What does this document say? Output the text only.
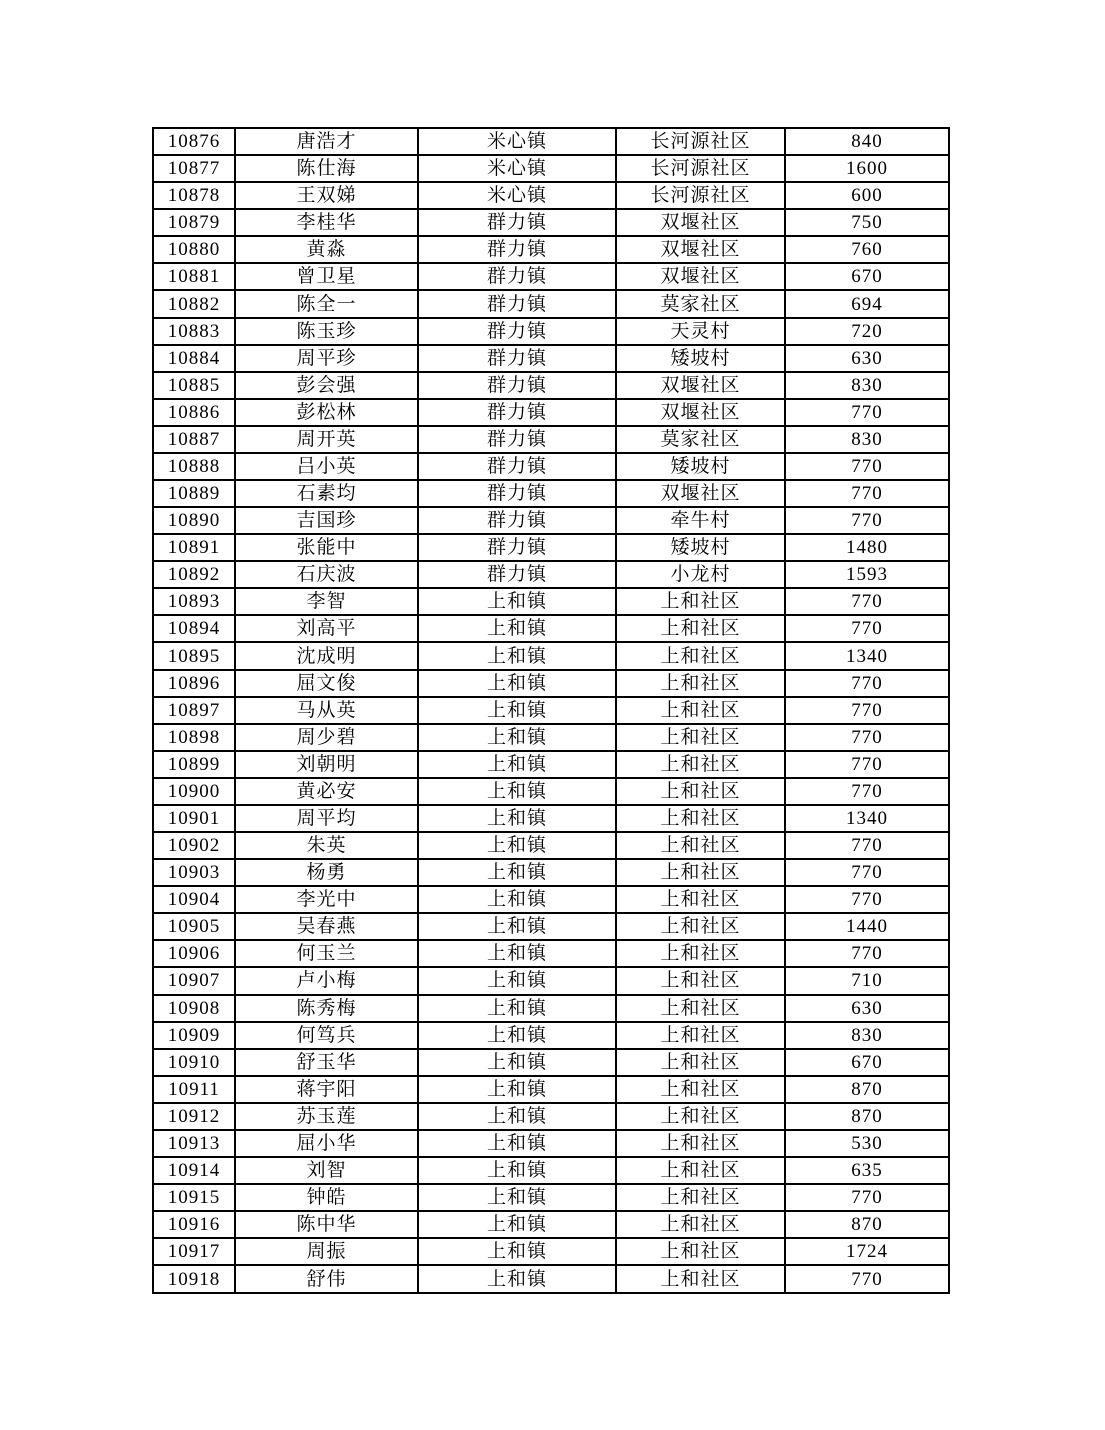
10876	唐浩才	米心镇	长河源社区	840
10877	陈仕海	米心镇	长河源社区	1600
10878	王双娣	米心镇	长河源社区	600
10879	李桂华	群力镇	双堰社区	750
10880	黄淼	群力镇	双堰社区	760
10881	曾卫星	群力镇	双堰社区	670
10882	陈全一	群力镇	莫家社区	694
10883	陈玉珍	群力镇	天灵村	720
10884	周平珍	群力镇	矮坡村	630
10885	彭会强	群力镇	双堰社区	830
10886	彭松林	群力镇	双堰社区	770
10887	周开英	群力镇	莫家社区	830
10888	吕小英	群力镇	矮坡村	770
10889	石素均	群力镇	双堰社区	770
10890	吉国珍	群力镇	牵牛村	770
10891	张能中	群力镇	矮坡村	1480
10892	石庆波	群力镇	小龙村	1593
10893	李智	上和镇	上和社区	770
10894	刘高平	上和镇	上和社区	770
10895	沈成明	上和镇	上和社区	1340
10896	屈文俊	上和镇	上和社区	770
10897	马从英	上和镇	上和社区	770
10898	周少碧	上和镇	上和社区	770
10899	刘朝明	上和镇	上和社区	770
10900	黄必安	上和镇	上和社区	770
10901	周平均	上和镇	上和社区	1340
10902	朱英	上和镇	上和社区	770
10903	杨勇	上和镇	上和社区	770
10904	李光中	上和镇	上和社区	770
10905	吴春燕	上和镇	上和社区	1440
10906	何玉兰	上和镇	上和社区	770
10907	卢小梅	上和镇	上和社区	710
10908	陈秀梅	上和镇	上和社区	630
10909	何笃兵	上和镇	上和社区	830
10910	舒玉华	上和镇	上和社区	670
10911	蒋宇阳	上和镇	上和社区	870
10912	苏玉莲	上和镇	上和社区	870
10913	屈小华	上和镇	上和社区	530
10914	刘智	上和镇	上和社区	635
10915	钟皓	上和镇	上和社区	770
10916	陈中华	上和镇	上和社区	870
10917	周振	上和镇	上和社区	1724
10918	舒伟	上和镇	上和社区	770
